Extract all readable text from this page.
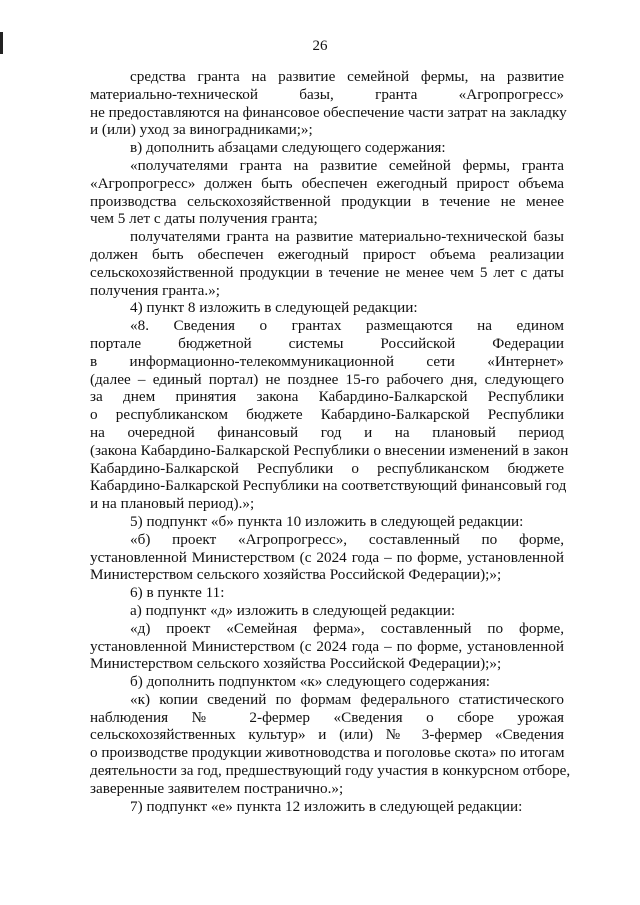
26
средства гранта на развитие семейной фермы, на развитие
материально-технической базы, гранта «Агропрогресс»
не предоставляются на финансовое обеспечение части затрат на закладку
и (или) уход за виноградниками;»;
в) дополнить абзацами следующего содержания:
«получателями гранта на развитие семейной фермы, гранта
«Агропрогресс» должен быть обеспечен ежегодный прирост объема
производства сельскохозяйственной продукции в течение не менее
чем 5 лет с даты получения гранта;
получателями гранта на развитие материально-технической базы
должен быть обеспечен ежегодный прирост объема реализации
сельскохозяйственной продукции в течение не менее чем 5 лет с даты
получения гранта.»;
4) пункт 8 изложить в следующей редакции:
«8. Сведения о грантах размещаются на едином
портале бюджетной системы Российской Федерации
в информационно-телекоммуникационной сети «Интернет»
(далее – единый портал) не позднее 15-го рабочего дня, следующего
за днем принятия закона Кабардино-Балкарской Республики
о республиканском бюджете Кабардино-Балкарской Республики
на очередной финансовый год и на плановый период
(закона Кабардино-Балкарской Республики о внесении изменений в закон
Кабардино-Балкарской Республики о республиканском бюджете
Кабардино-Балкарской Республики на соответствующий финансовый год
и на плановый период).»;
5) подпункт «б» пункта 10 изложить в следующей редакции:
«б) проект «Агропрогресс», составленный по форме,
установленной Министерством (с 2024 года – по форме, установленной
Министерством сельского хозяйства Российской Федерации);»;
6) в пункте 11:
а) подпункт «д» изложить в следующей редакции:
«д) проект «Семейная ферма», составленный по форме,
установленной Министерством (с 2024 года – по форме, установленной
Министерством сельского хозяйства Российской Федерации);»;
б) дополнить подпунктом «к» следующего содержания:
«к) копии сведений по формам федерального статистического
наблюдения № 2-фермер «Сведения о сборе урожая
сельскохозяйственных культур» и (или) № 3-фермер «Сведения
о производстве продукции животноводства и поголовье скота» по итогам
деятельности за год, предшествующий году участия в конкурсном отборе,
заверенные заявителем постранично.»;
7) подпункт «е» пункта 12 изложить в следующей редакции:
